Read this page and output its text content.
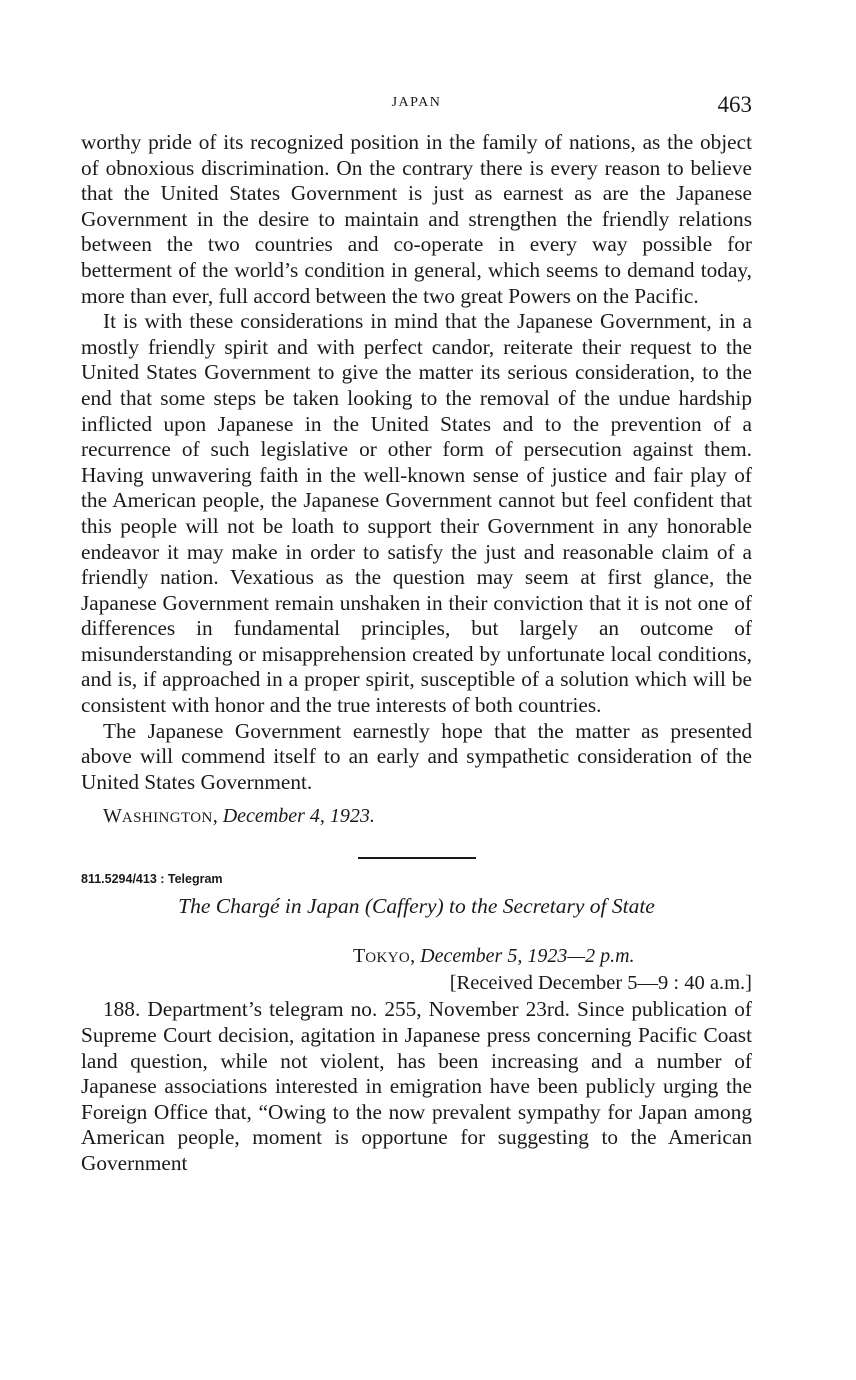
JAPAN	463

worthy pride of its recognized position in the family of nations, as the object of obnoxious discrimination. On the contrary there is every reason to believe that the United States Government is just as earnest as are the Japanese Government in the desire to maintain and strengthen the friendly relations between the two countries and co-operate in every way possible for betterment of the world’s condition in general, which seems to demand today, more than ever, full accord between the two great Powers on the Pacific.

It is with these considerations in mind that the Japanese Government, in a mostly friendly spirit and with perfect candor, reiterate their request to the United States Government to give the matter its serious consideration, to the end that some steps be taken looking to the removal of the undue hardship inflicted upon Japanese in the United States and to the prevention of a recurrence of such legislative or other form of persecution against them. Having unwavering faith in the well-known sense of justice and fair play of the American people, the Japanese Government cannot but feel confident that this people will not be loath to support their Government in any honorable endeavor it may make in order to satisfy the just and reasonable claim of a friendly nation. Vexatious as the question may seem at first glance, the Japanese Government remain unshaken in their conviction that it is not one of differences in fundamental principles, but largely an outcome of misunderstanding or misapprehension created by unfortunate local conditions, and is, if approached in a proper spirit, susceptible of a solution which will be consistent with honor and the true interests of both countries.

The Japanese Government earnestly hope that the matter as presented above will commend itself to an early and sympathetic consideration of the United States Government.

WASHINGTON, December 4, 1923.
811.5294/413 : Telegram
The Chargé in Japan (Caffery) to the Secretary of State
TOKYO, December 5, 1923—2 p.m.
[Received December 5—9 : 40 a.m.]

188. Department’s telegram no. 255, November 23rd. Since publication of Supreme Court decision, agitation in Japanese press concerning Pacific Coast land question, while not violent, has been increasing and a number of Japanese associations interested in emigration have been publicly urging the Foreign Office that, “Owing to the now prevalent sympathy for Japan among American people, moment is opportune for suggesting to the American Government
